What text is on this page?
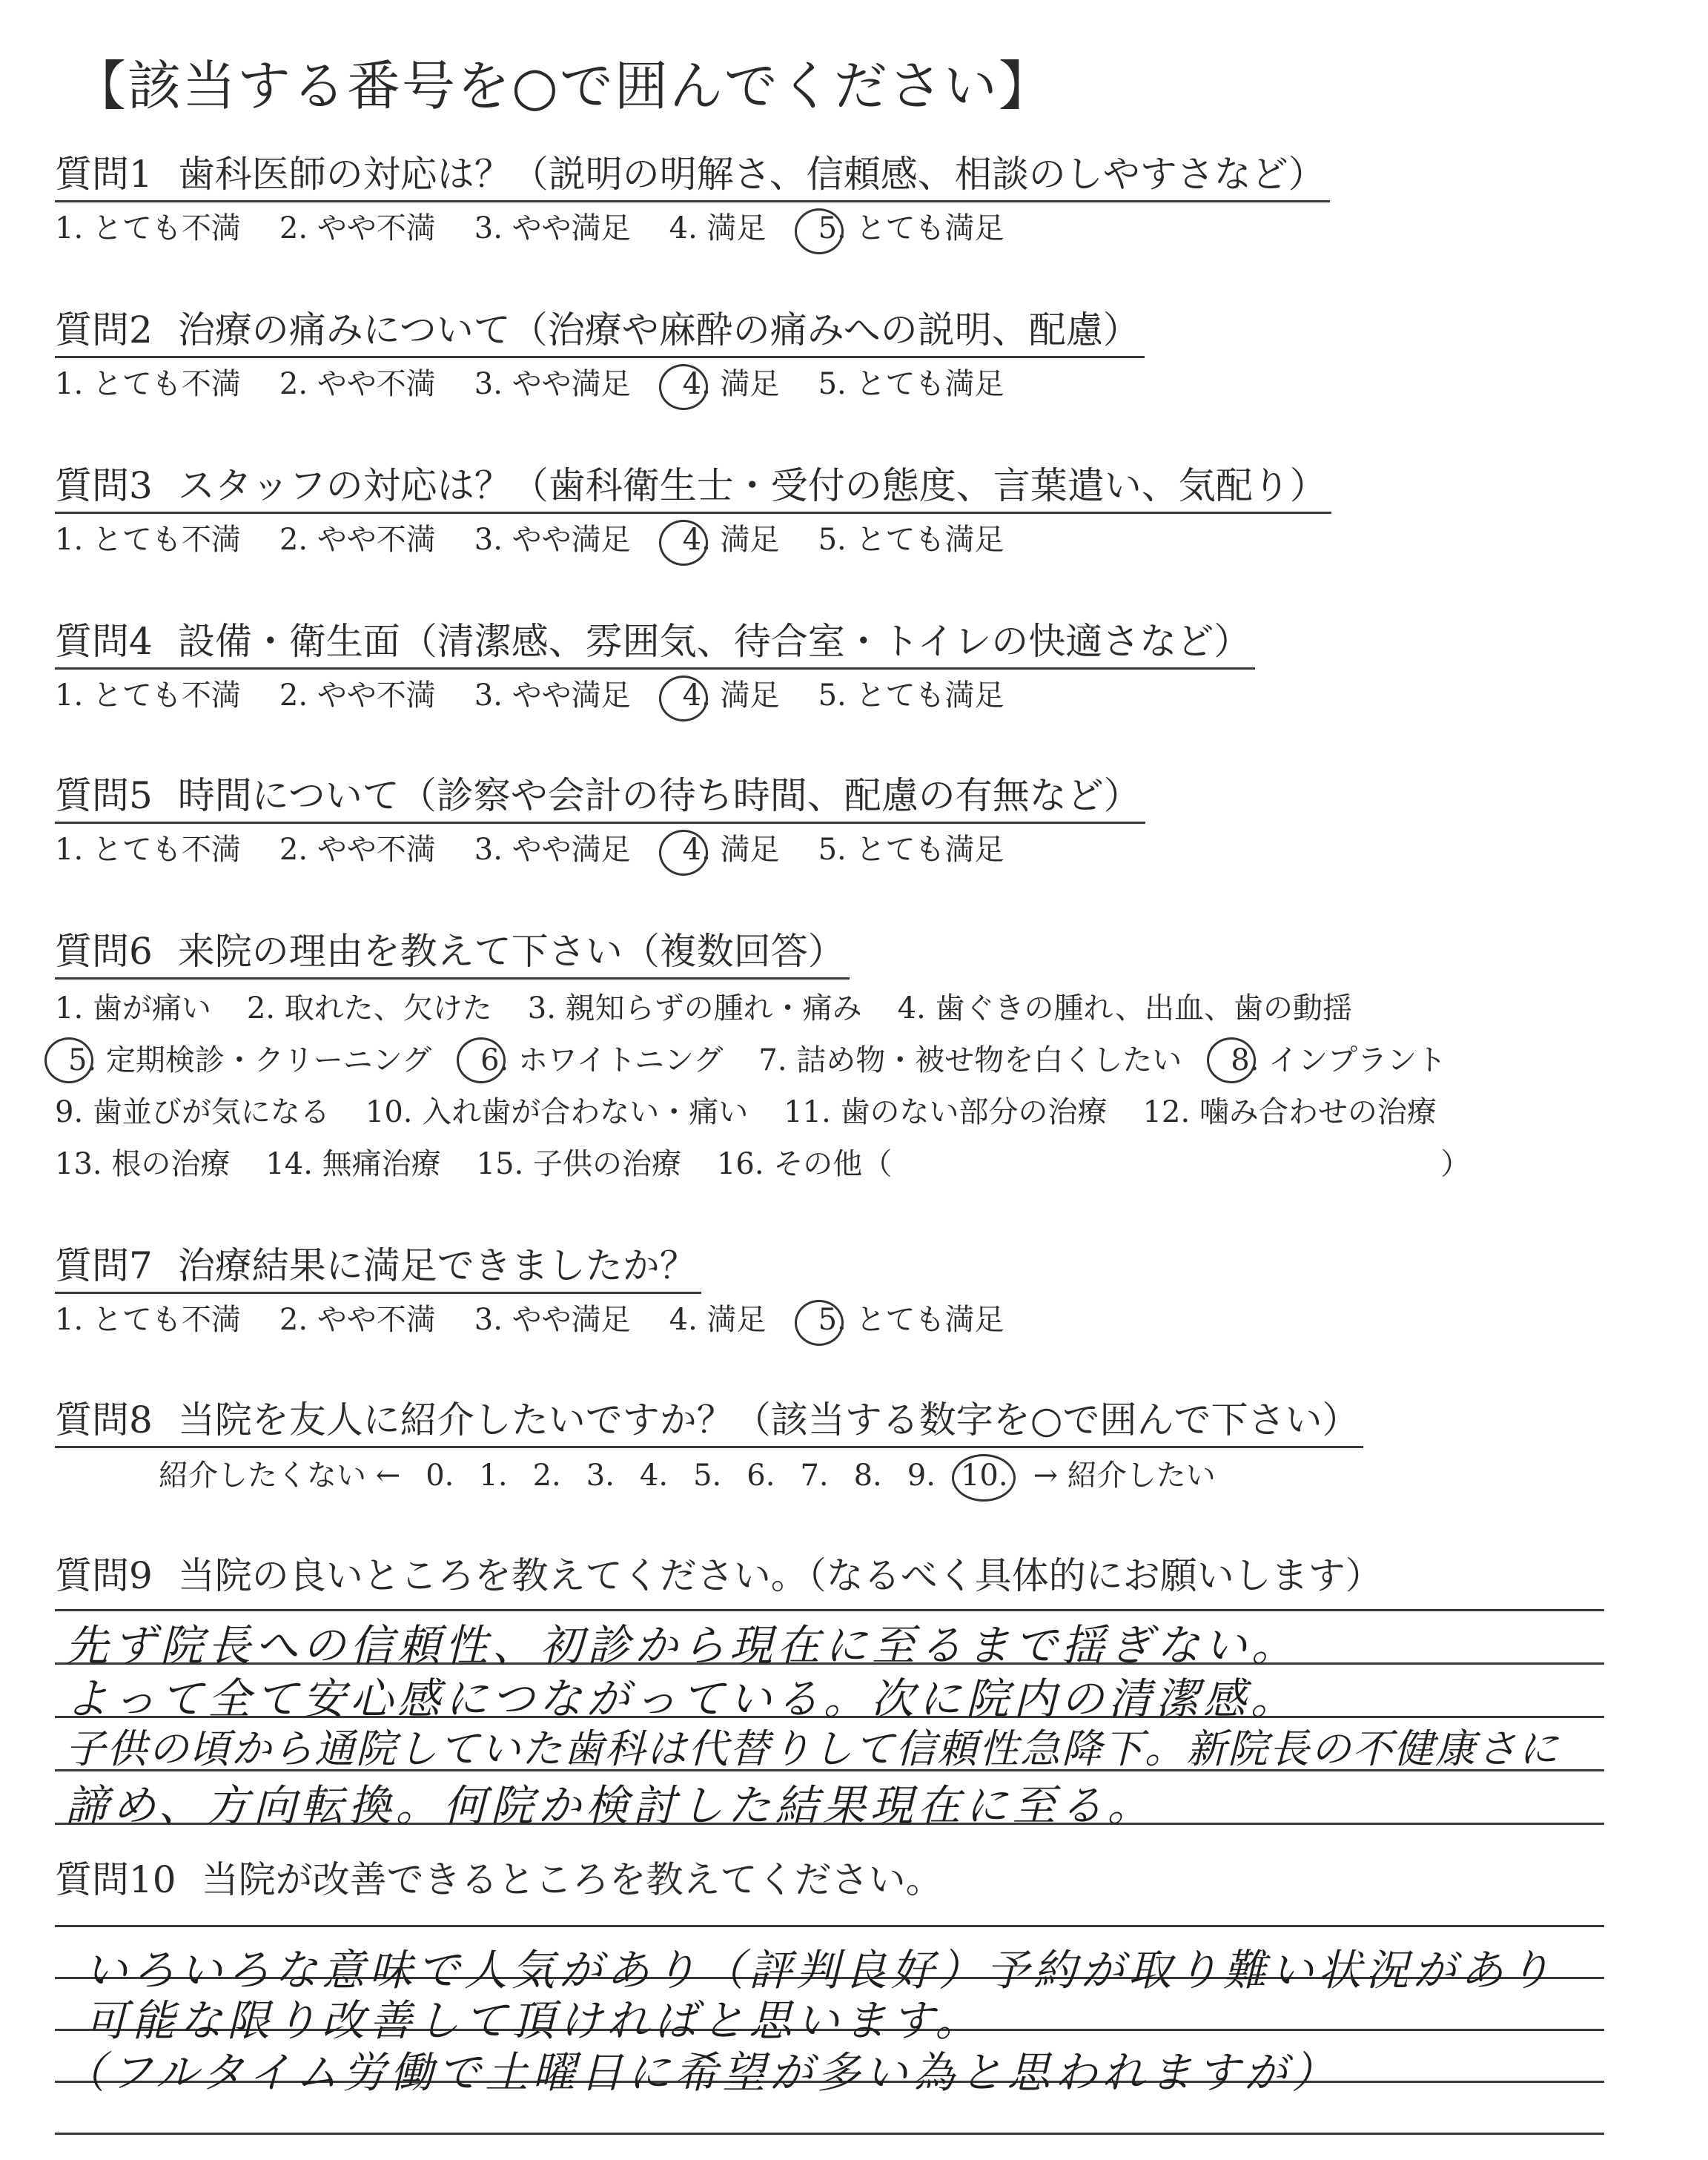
【該当する番号を○で囲んでください】
質問1 歯科医師の対応は？（説明の明解さ、信頼感、相談のしやすさなど）
1. とても不満 2. やや不満 3. やや満足 4. 満足 5. とても満足
質問2 治療の痛みについて（治療や麻酔の痛みへの説明、配慮）
1. とても不満 2. やや不満 3. やや満足 4. 満足 5. とても満足
質問3 スタッフの対応は？（歯科衛生士・受付の態度、言葉遣い、気配り）
1. とても不満 2. やや不満 3. やや満足 4. 満足 5. とても満足
質問4 設備・衛生面（清潔感、雰囲気、待合室・トイレの快適さなど）
1. とても不満 2. やや不満 3. やや満足 4. 満足 5. とても満足
質問5 時間について（診察や会計の待ち時間、配慮の有無など）
1. とても不満 2. やや不満 3. やや満足 4. 満足 5. とても満足
質問6 来院の理由を教えて下さい（複数回答）
1. 歯が痛い 2. 取れた、欠けた 3. 親知らずの腫れ・痛み 4. 歯ぐきの腫れ、出血、歯の動揺
5. 定期検診・クリーニング 6. ホワイトニング 7. 詰め物・被せ物を白くしたい 8. インプラント
9. 歯並びが気になる 10. 入れ歯が合わない・痛い 11. 歯のない部分の治療 12. 噛み合わせの治療
13. 根の治療 14. 無痛治療 15. 子供の治療 16. その他（	）
質問7 治療結果に満足できましたか？
1. とても不満 2. やや不満 3. やや満足 4. 満足 5. とても満足
質問8 当院を友人に紹介したいですか？（該当する数字を○で囲んで下さい）
紹介したくない ← 0. 1. 2. 3. 4. 5. 6. 7. 8. 9. 10. → 紹介したい
質問9 当院の良いところを教えてください。（なるべく具体的にお願いします）
先ず院長への信頼性、初診から現在に至るまで揺ぎない。
よって全て安心感につながっている。次に院内の清潔感。
子供の頃から通院していた歯科は代替りして信頼性急降下。新院長の不健康さに
諦め、方向転換。何院か検討した結果現在に至る。
質問10 当院が改善できるところを教えてください。
いろいろな意味で人気があり（評判良好）予約が取り難い状況があり
可能な限り改善して頂ければと思います。
（フルタイム労働で土曜日に希望が多い為と思われますが）
